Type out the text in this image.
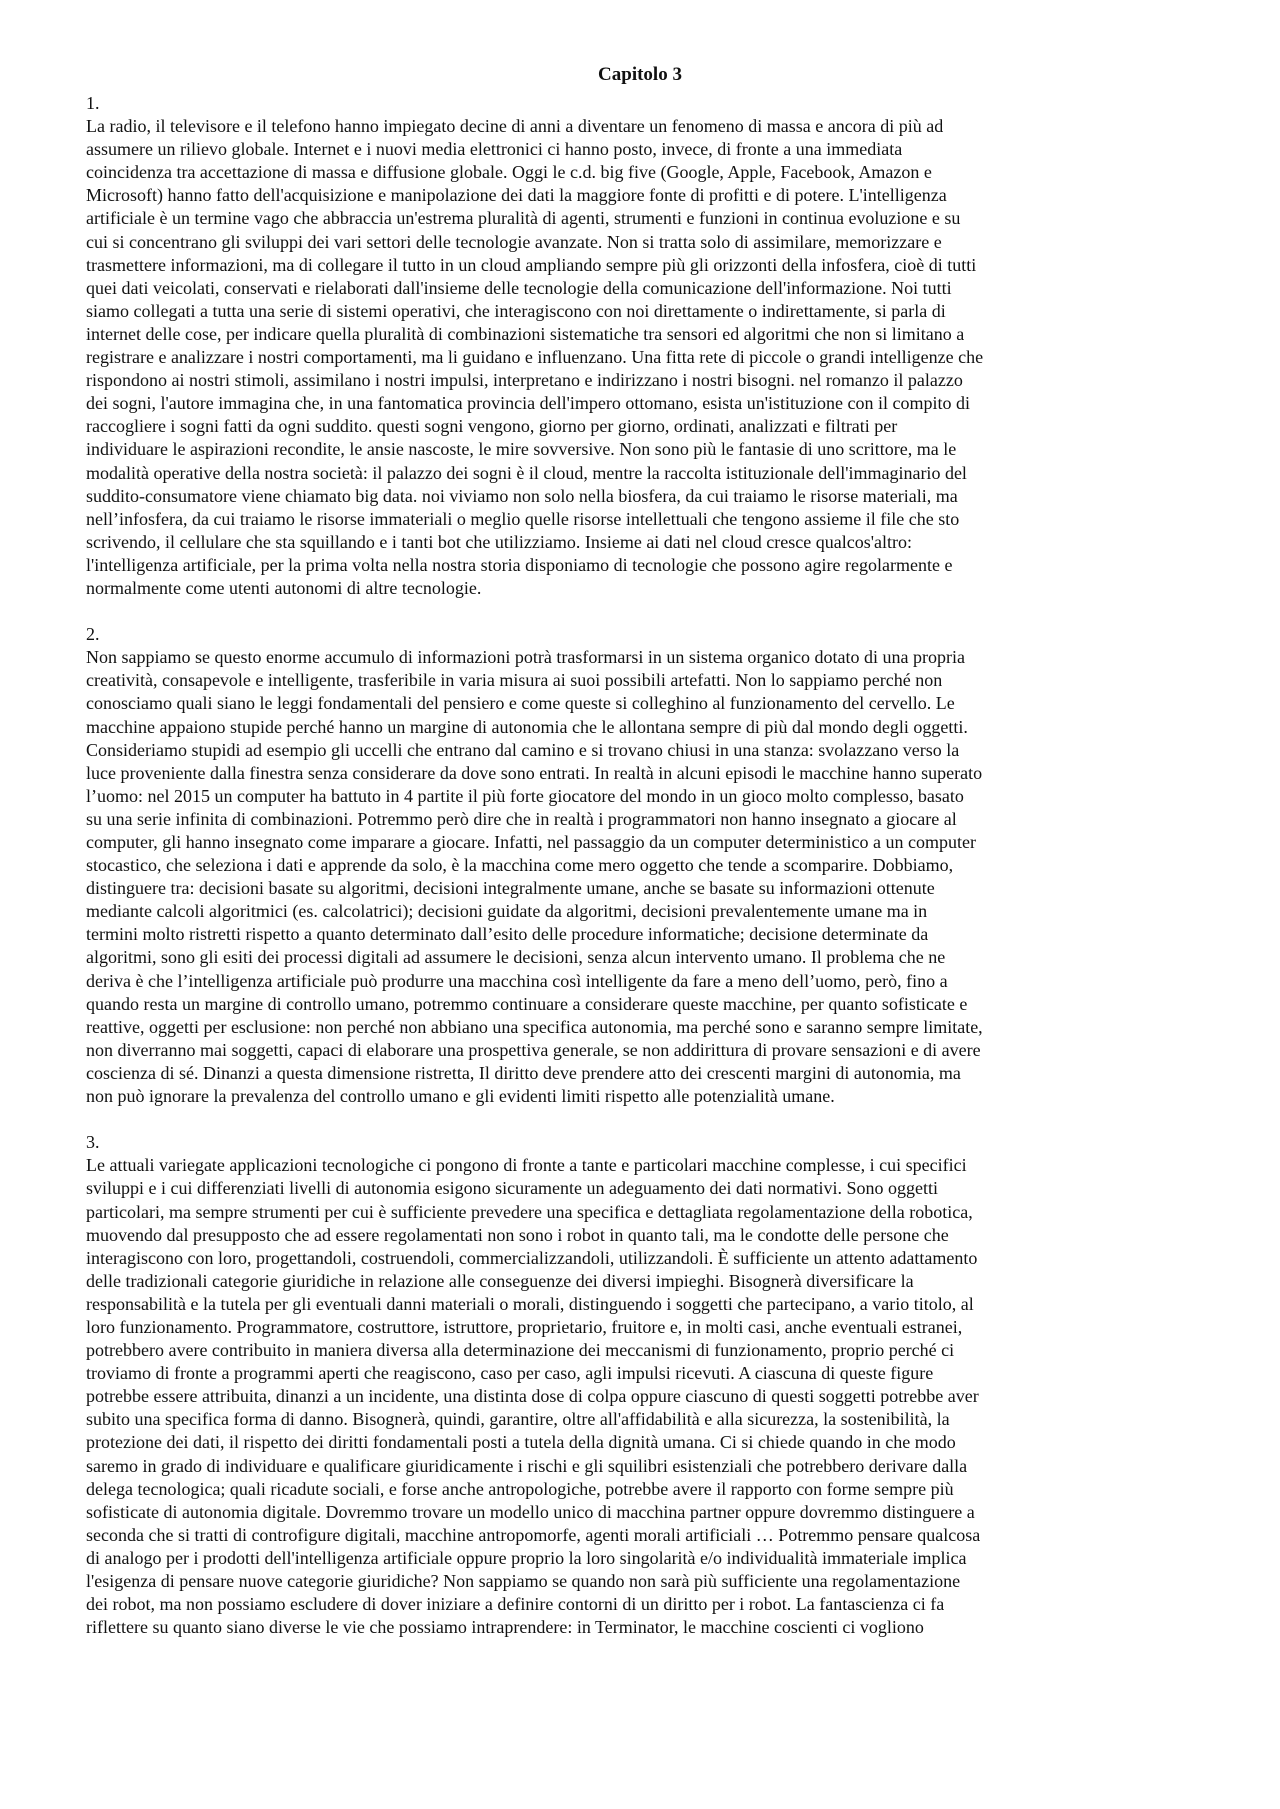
Capitolo 3
1.
La radio, il televisore e il telefono hanno impiegato decine di anni a diventare un fenomeno di massa e ancora di più ad
assumere un rilievo globale. Internet e i nuovi media elettronici ci hanno posto, invece, di fronte a una immediata
coincidenza tra accettazione di massa e diffusione globale. Oggi le c.d. big five (Google, Apple, Facebook, Amazon e
Microsoft) hanno fatto dell'acquisizione e manipolazione dei dati la maggiore fonte di profitti e di potere. L'intelligenza
artificiale è un termine vago che abbraccia un'estrema pluralità di agenti, strumenti e funzioni in continua evoluzione e su
cui si concentrano gli sviluppi dei vari settori delle tecnologie avanzate. Non si tratta solo di assimilare, memorizzare e
trasmettere informazioni, ma di collegare il tutto in un cloud ampliando sempre più gli orizzonti della infosfera, cioè di tutti
quei dati veicolati, conservati e rielaborati dall'insieme delle tecnologie della comunicazione dell'informazione. Noi tutti
siamo collegati a tutta una serie di sistemi operativi, che interagiscono con noi direttamente o indirettamente, si parla di
internet delle cose, per indicare quella pluralità di combinazioni sistematiche tra sensori ed algoritmi che non si limitano a
registrare e analizzare i nostri comportamenti, ma li guidano e influenzano. Una fitta rete di piccole o grandi intelligenze che
rispondono ai nostri stimoli, assimilano i nostri impulsi, interpretano e indirizzano i nostri bisogni. nel romanzo il palazzo
dei sogni, l'autore immagina che, in una fantomatica provincia dell'impero ottomano, esista un'istituzione con il compito di
raccogliere i sogni fatti da ogni suddito. questi sogni vengono, giorno per giorno, ordinati, analizzati e filtrati per
individuare le aspirazioni recondite, le ansie nascoste, le mire sovversive. Non sono più le fantasie di uno scrittore, ma le
modalità operative della nostra società: il palazzo dei sogni è il cloud, mentre la raccolta istituzionale dell'immaginario del
suddito-consumatore viene chiamato big data. noi viviamo non solo nella biosfera, da cui traiamo le risorse materiali, ma
nell’infosfera, da cui traiamo le risorse immateriali o meglio quelle risorse intellettuali che tengono assieme il file che sto
scrivendo, il cellulare che sta squillando e i tanti bot che utilizziamo. Insieme ai dati nel cloud cresce qualcos'altro:
l'intelligenza artificiale, per la prima volta nella nostra storia disponiamo di tecnologie che possono agire regolarmente e
normalmente come utenti autonomi di altre tecnologie.
2.
Non sappiamo se questo enorme accumulo di informazioni potrà trasformarsi in un sistema organico dotato di una propria
creatività, consapevole e intelligente, trasferibile in varia misura ai suoi possibili artefatti. Non lo sappiamo perché non
conosciamo quali siano le leggi fondamentali del pensiero e come queste si colleghino al funzionamento del cervello. Le
macchine appaiono stupide perché hanno un margine di autonomia che le allontana sempre di più dal mondo degli oggetti.
Consideriamo stupidi ad esempio gli uccelli che entrano dal camino e si trovano chiusi in una stanza: svolazzano verso la
luce proveniente dalla finestra senza considerare da dove sono entrati. In realtà in alcuni episodi le macchine hanno superato
l’uomo: nel 2015 un computer ha battuto in 4 partite il più forte giocatore del mondo in un gioco molto complesso, basato
su una serie infinita di combinazioni. Potremmo però dire che in realtà i programmatori non hanno insegnato a giocare al
computer, gli hanno insegnato come imparare a giocare. Infatti, nel passaggio da un computer deterministico a un computer
stocastico, che seleziona i dati e apprende da solo, è la macchina come mero oggetto che tende a scomparire. Dobbiamo,
distinguere tra: decisioni basate su algoritmi, decisioni integralmente umane, anche se basate su informazioni ottenute
mediante calcoli algoritmici (es. calcolatrici); decisioni guidate da algoritmi, decisioni prevalentemente umane ma in
termini molto ristretti rispetto a quanto determinato dall’esito delle procedure informatiche; decisione determinate da
algoritmi, sono gli esiti dei processi digitali ad assumere le decisioni, senza alcun intervento umano. Il problema che ne
deriva è che l’intelligenza artificiale può produrre una macchina così intelligente da fare a meno dell’uomo, però, fino a
quando resta un margine di controllo umano, potremmo continuare a considerare queste macchine, per quanto sofisticate e
reattive, oggetti per esclusione: non perché non abbiano una specifica autonomia, ma perché sono e saranno sempre limitate,
non diverranno mai soggetti, capaci di elaborare una prospettiva generale, se non addirittura di provare sensazioni e di avere
coscienza di sé. Dinanzi a questa dimensione ristretta, Il diritto deve prendere atto dei crescenti margini di autonomia, ma
non può ignorare la prevalenza del controllo umano e gli evidenti limiti rispetto alle potenzialità umane.
3.
Le attuali variegate applicazioni tecnologiche ci pongono di fronte a tante e particolari macchine complesse, i cui specifici
sviluppi e i cui differenziati livelli di autonomia esigono sicuramente un adeguamento dei dati normativi. Sono oggetti
particolari, ma sempre strumenti per cui è sufficiente prevedere una specifica e dettagliata regolamentazione della robotica,
muovendo dal presupposto che ad essere regolamentati non sono i robot in quanto tali, ma le condotte delle persone che
interagiscono con loro, progettandoli, costruendoli, commercializzandoli, utilizzandoli. È sufficiente un attento adattamento
delle tradizionali categorie giuridiche in relazione alle conseguenze dei diversi impieghi. Bisognerà diversificare la
responsabilità e la tutela per gli eventuali danni materiali o morali, distinguendo i soggetti che partecipano, a vario titolo, al
loro funzionamento. Programmatore, costruttore, istruttore, proprietario, fruitore e, in molti casi, anche eventuali estranei,
potrebbero avere contribuito in maniera diversa alla determinazione dei meccanismi di funzionamento, proprio perché ci
troviamo di fronte a programmi aperti che reagiscono, caso per caso, agli impulsi ricevuti. A ciascuna di queste figure
potrebbe essere attribuita, dinanzi a un incidente, una distinta dose di colpa oppure ciascuno di questi soggetti potrebbe aver
subito una specifica forma di danno. Bisognerà, quindi, garantire, oltre all'affidabilità e alla sicurezza, la sostenibilità, la
protezione dei dati, il rispetto dei diritti fondamentali posti a tutela della dignità umana. Ci si chiede quando in che modo
saremo in grado di individuare e qualificare giuridicamente i rischi e gli squilibri esistenziali che potrebbero derivare dalla
delega tecnologica; quali ricadute sociali, e forse anche antropologiche, potrebbe avere il rapporto con forme sempre più
sofisticate di autonomia digitale. Dovremmo trovare un modello unico di macchina partner oppure dovremmo distinguere a
seconda che si tratti di controfigure digitali, macchine antropomorfe, agenti morali artificiali … Potremmo pensare qualcosa
di analogo per i prodotti dell'intelligenza artificiale oppure proprio la loro singolarità e/o individualità immateriale implica
l'esigenza di pensare nuove categorie giuridiche? Non sappiamo se quando non sarà più sufficiente una regolamentazione
dei robot, ma non possiamo escludere di dover iniziare a definire contorni di un diritto per i robot. La fantascienza ci fa
riflettere su quanto siano diverse le vie che possiamo intraprendere: in Terminator, le macchine coscienti ci vogliono
